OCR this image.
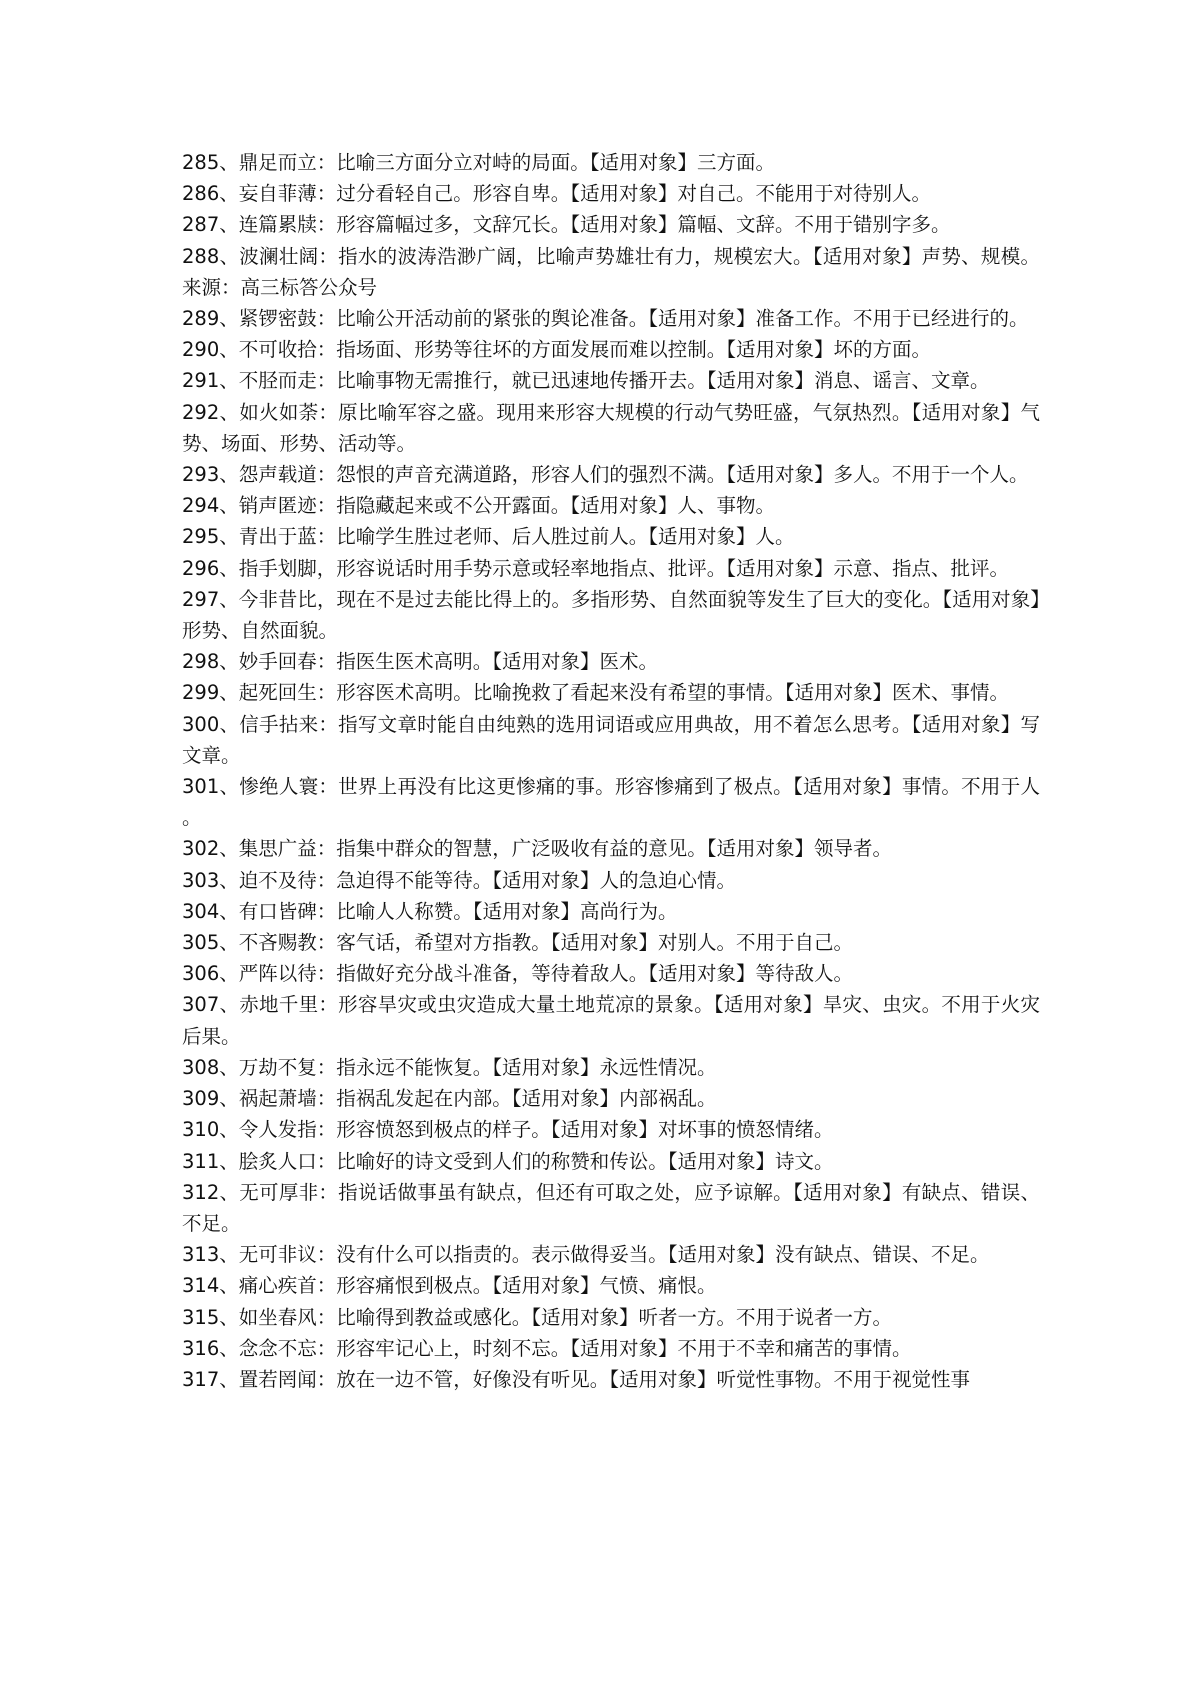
285、鼎足而立：比喻三方面分立对峙的局面。【适用对象】三方面。

286、妄自菲薄：过分看轻自己。形容自卑。【适用对象】对自己。不能用于对待别人。

287、连篇累牍：形容篇幅过多，文辞冗长。【适用对象】篇幅、文辞。不用于错别字多。

288、波澜壮阔：指水的波涛浩渺广阔，比喻声势雄壮有力，规模宏大。【适用对象】声势、规模。来源：高三标答公众号

289、紧锣密鼓：比喻公开活动前的紧张的舆论准备。【适用对象】准备工作。不用于已经进行的。

290、不可收拾：指场面、形势等往坏的方面发展而难以控制。【适用对象】坏的方面。

291、不胫而走：比喻事物无需推行，就已迅速地传播开去。【适用对象】消息、谣言、文章。

292、如火如荼：原比喻军容之盛。现用来形容大规模的行动气势旺盛，气氛热烈。【适用对象】气势、场面、形势、活动等。

293、怨声载道：怨恨的声音充满道路，形容人们的强烈不满。【适用对象】多人。不用于一个人。

294、销声匿迹：指隐藏起来或不公开露面。【适用对象】人、事物。

295、青出于蓝：比喻学生胜过老师、后人胜过前人。【适用对象】人。

296、指手划脚，形容说话时用手势示意或轻率地指点、批评。【适用对象】示意、指点、批评。

297、今非昔比，现在不是过去能比得上的。多指形势、自然面貌等发生了巨大的变化。【适用对象】形势、自然面貌。

298、妙手回春：指医生医术高明。【适用对象】医术。

299、起死回生：形容医术高明。比喻挽救了看起来没有希望的事情。【适用对象】医术、事情。

300、信手拈来：指写文章时能自由纯熟的选用词语或应用典故，用不着怎么思考。【适用对象】写文章。

301、惨绝人寰：世界上再没有比这更惨痛的事。形容惨痛到了极点。【适用对象】事情。不用于人。

302、集思广益：指集中群众的智慧，广泛吸收有益的意见。【适用对象】领导者。

303、迫不及待：急迫得不能等待。【适用对象】人的急迫心情。

304、有口皆碑：比喻人人称赞。【适用对象】高尚行为。

305、不吝赐教：客气话，希望对方指教。【适用对象】对别人。不用于自己。

306、严阵以待：指做好充分战斗准备，等待着敌人。【适用对象】等待敌人。

307、赤地千里：形容旱灾或虫灾造成大量土地荒凉的景象。【适用对象】旱灾、虫灾。不用于火灾后果。

308、万劫不复：指永远不能恢复。【适用对象】永远性情况。

309、祸起萧墙：指祸乱发起在内部。【适用对象】内部祸乱。

310、令人发指：形容愤怒到极点的样子。【适用对象】对坏事的愤怒情绪。

311、脍炙人口：比喻好的诗文受到人们的称赞和传讼。【适用对象】诗文。

312、无可厚非：指说话做事虽有缺点，但还有可取之处，应予谅解。【适用对象】有缺点、错误、不足。

313、无可非议：没有什么可以指责的。表示做得妥当。【适用对象】没有缺点、错误、不足。

314、痛心疾首：形容痛恨到极点。【适用对象】气愤、痛恨。

315、如坐春风：比喻得到教益或感化。【适用对象】听者一方。不用于说者一方。

316、念念不忘：形容牢记心上，时刻不忘。【适用对象】不用于不幸和痛苦的事情。

317、置若罔闻：放在一边不管，好像没有听见。【适用对象】听觉性事物。不用于视觉性事
